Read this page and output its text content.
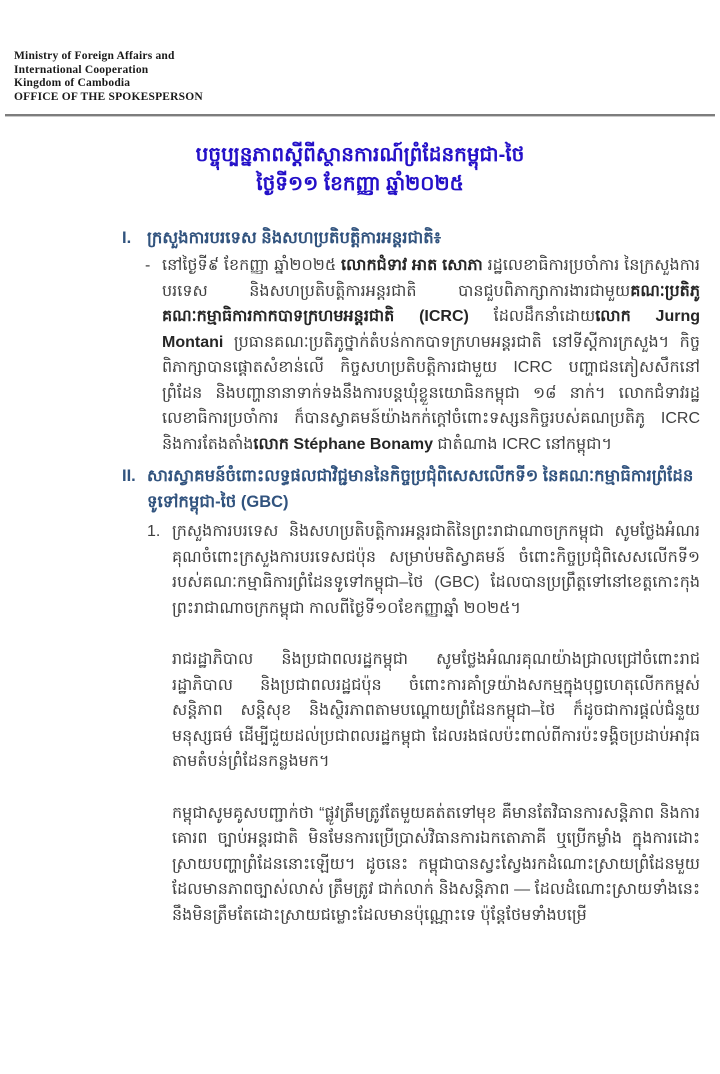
Ministry of Foreign Affairs and
International Cooperation
Kingdom of Cambodia
OFFICE OF THE SPOKESPERSON
បច្ចុប្បន្នភាពស្តីពីស្ថានការណ៍ព្រំដែនកម្ពុជា-ថៃ
ថ្ងៃទី១១ ខែកញ្ញា ឆ្នាំ២០២៥
I. ក្រសួងការបរទេស និងសហប្រតិបត្តិការអន្តរជាតិ៖
- នៅថ្ងៃទី៩ ខែកញ្ញា ឆ្នាំ២០២៥ លោកជំទាវ អាត សោភា រដ្ឋលេខាធិការប្រចាំការ នៃក្រសួងការបរទេស និងសហប្រតិបត្តិការអន្តរជាតិ បានជួបពិភាក្សាការងារជាមួយគណៈប្រតិភូគណៈកម្មាធិការកាកបាទក្រហមអន្តរជាតិ (ICRC) ដែលដឹកនាំដោយលោក Jurng Montani ប្រធានគណៈប្រតិភូថ្នាក់តំបន់កាកបាទក្រហមអន្តរជាតិ នៅទីស្តីការក្រសួង។ កិច្ចពិភាក្សាបានផ្តោតសំខាន់លើ កិច្ចសហប្រតិបត្តិការជាមួយ ICRC បញ្ហាជនភៀសសឹកនៅព្រំដែន និងបញ្ហានានាទាក់ទងនឹងការបន្តឃុំខ្លួនយោធិនកម្ពុជា ១៨ នាក់។ លោកជំទាវរដ្ឋលេខាធិការប្រចាំការ ក៏បានស្វាគមន៍យ៉ាងកក់ក្តៅចំពោះទស្សនកិច្ចរបស់គណប្រតិភូ ICRC និងការតែងតាំងលោក Stéphane Bonamy ជាតំណាង ICRC នៅកម្ពុជា។
II. សារស្វាគមន៍ចំពោះលទ្ធផលជាវិជ្ជមាននៃកិច្ចប្រជុំពិសេសលើកទី១ នៃគណៈកម្មាធិការព្រំដែនទូទៅកម្ពុជា-ថៃ (GBC)
1. ក្រសួងការបរទេស និងសហប្រតិបត្តិការអន្តរជាតិនៃព្រះរាជាណាចក្រកម្ពុជា សូមថ្លែងអំណរគុណចំពោះក្រសួងការបរទេសជប៉ុន សម្រាប់មតិស្វាគមន៍ ចំពោះកិច្ចប្រជុំពិសេសលើកទី១ របស់គណៈកម្មាធិការព្រំដែនទូទៅកម្ពុជា–ថៃ (GBC) ដែលបានប្រព្រឹត្តទៅនៅខេត្តកោះកុង ព្រះរាជាណាចក្រកម្ពុជា កាលពីថ្ងៃទី១០ខែកញ្ញាឆ្នាំ ២០២៥។
រាជរដ្ឋាភិបាល និងប្រជាពលរដ្ឋកម្ពុជា សូមថ្លែងអំណរគុណយ៉ាងជ្រាលជ្រៅចំពោះរាជរដ្ឋាភិបាល និងប្រជាពលរដ្ឋជប៉ុន ចំពោះការគាំទ្រយ៉ាងសកម្មក្នុងបុព្វហេតុលើកកម្ពស់សន្តិភាព សន្តិសុខ និងស្ថិរភាពតាមបណ្តោយព្រំដែនកម្ពុជា–ថៃ ក៏ដូចជាការផ្តល់ជំនួយមនុស្សធម៌ ដើម្បីជួយដល់ប្រជាពលរដ្ឋកម្ពុជា ដែលរងផលប៉ះពាល់ពីការប៉ះទង្គិចប្រដាប់អាវុធតាមតំបន់ព្រំដែនកន្លងមក។
កម្ពុជាសូមគូសបញ្ជាក់ថា “ផ្លូវត្រឹមត្រូវតែមួយគត់តទៅមុខ គឺមានតែវិធានការសន្តិភាព និងការគោរព ច្បាប់អន្តរជាតិ មិនមែនការប្រើប្រាស់វិធានការឯកតោភាគី ឬប្រើកម្លាំង ក្នុងការដោះស្រាយបញ្ហាព្រំដែននោះឡើយ។ ដូចនេះ កម្ពុជាបានស្វះស្វែងរកដំណោះស្រាយព្រំដែនមួយ ដែលមានភាពច្បាស់លាស់ ត្រឹមត្រូវ ជាក់លាក់ និងសន្តិភាព — ដែលដំណោះស្រាយទាំងនេះ នឹងមិនត្រឹមតែដោះស្រាយជម្លោះដែលមានប៉ុណ្ណោះទេ ប៉ុន្តែថែមទាំងបម្រើ
